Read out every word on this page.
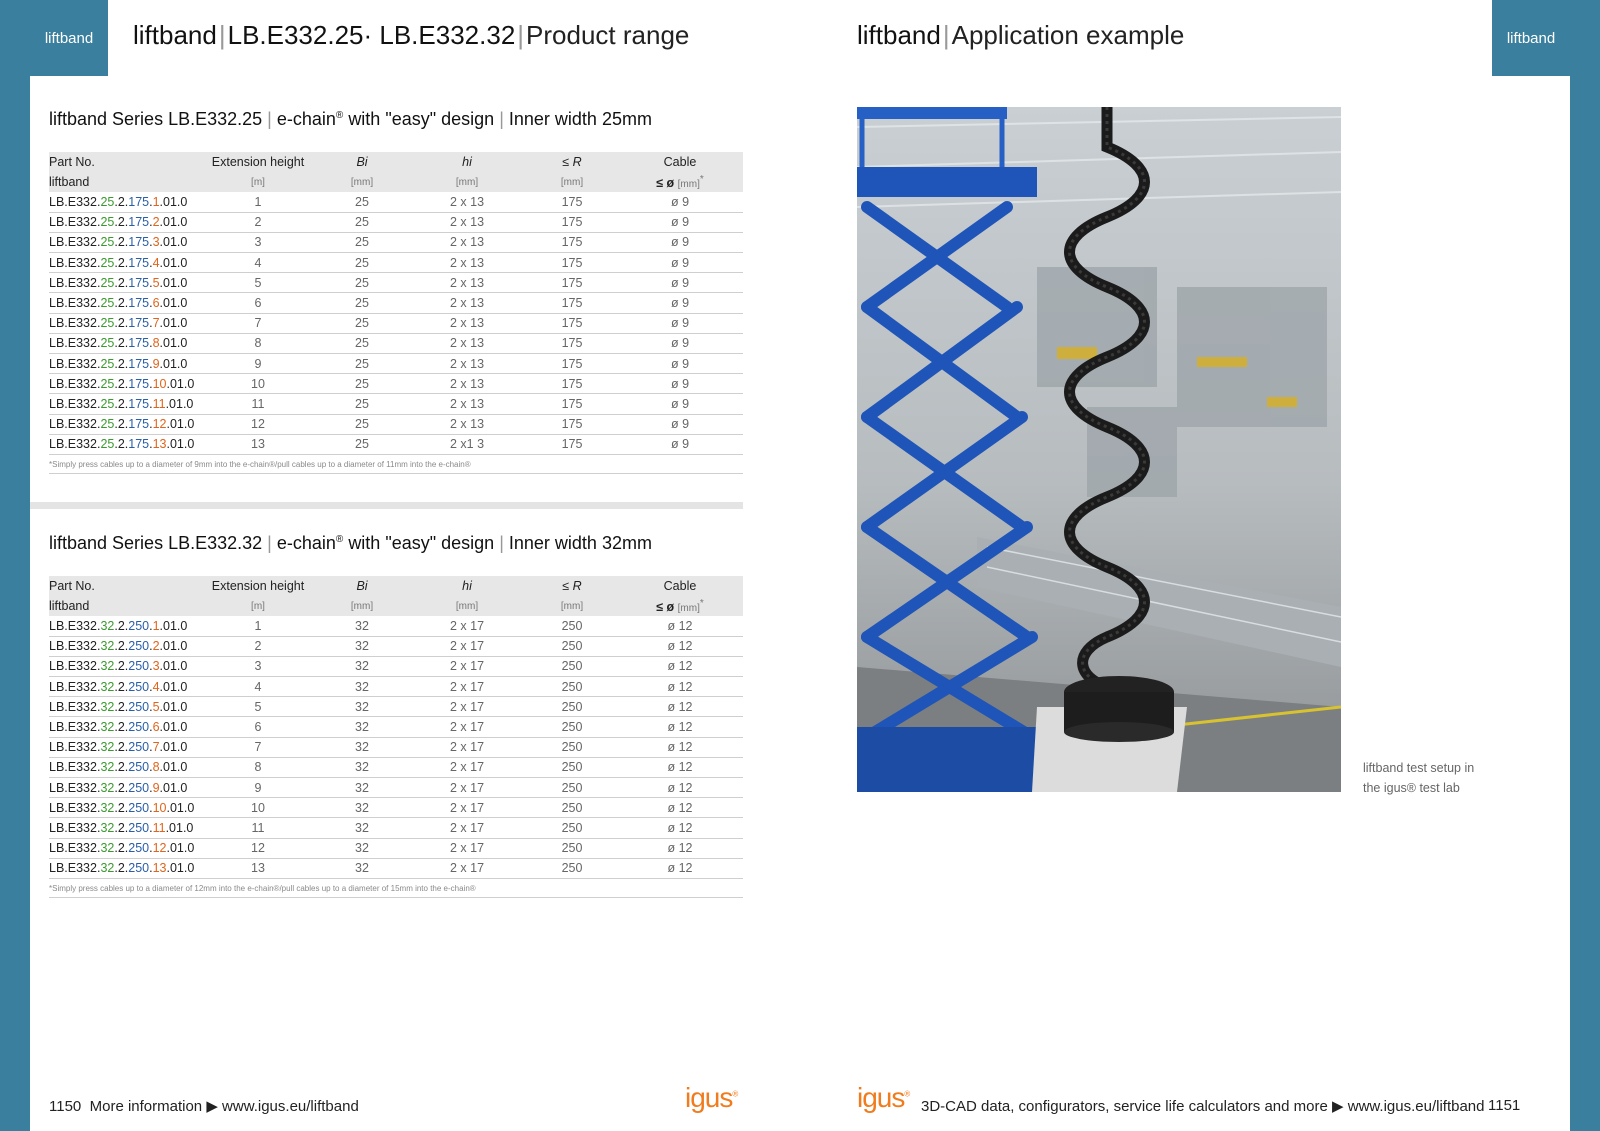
liftband	liftband|LB.E332.25· LB.E332.32|Product range
liftband Series LB.E332.25 | e-chain® with "easy" design | Inner width 25mm
Part No.	Extension height	Bi	hi	≤ R	Cable
liftband	[m]	[mm]	[mm]	[mm]	≤ ø [mm]*
LB.E332.25.2.175.1.01.0	1	25	2 x 13	175	ø 9
LB.E332.25.2.175.2.01.0	2	25	2 x 13	175	ø 9
LB.E332.25.2.175.3.01.0	3	25	2 x 13	175	ø 9
LB.E332.25.2.175.4.01.0	4	25	2 x 13	175	ø 9
LB.E332.25.2.175.5.01.0	5	25	2 x 13	175	ø 9
LB.E332.25.2.175.6.01.0	6	25	2 x 13	175	ø 9
LB.E332.25.2.175.7.01.0	7	25	2 x 13	175	ø 9
LB.E332.25.2.175.8.01.0	8	25	2 x 13	175	ø 9
LB.E332.25.2.175.9.01.0	9	25	2 x 13	175	ø 9
LB.E332.25.2.175.10.01.0	10	25	2 x 13	175	ø 9
LB.E332.25.2.175.11.01.0	11	25	2 x 13	175	ø 9
LB.E332.25.2.175.12.01.0	12	25	2 x 13	175	ø 9
LB.E332.25.2.175.13.01.0	13	25	2 x1 3	175	ø 9
*Simply press cables up to a diameter of 9mm into the e-chain®/pull cables up to a diameter of 11mm into the e-chain®
liftband Series LB.E332.32 | e-chain® with "easy" design | Inner width 32mm
Part No.	Extension height	Bi	hi	≤ R	Cable
liftband	[m]	[mm]	[mm]	[mm]	≤ ø [mm]*
LB.E332.32.2.250.1.01.0	1	32	2 x 17	250	ø 12
LB.E332.32.2.250.2.01.0	2	32	2 x 17	250	ø 12
LB.E332.32.2.250.3.01.0	3	32	2 x 17	250	ø 12
LB.E332.32.2.250.4.01.0	4	32	2 x 17	250	ø 12
LB.E332.32.2.250.5.01.0	5	32	2 x 17	250	ø 12
LB.E332.32.2.250.6.01.0	6	32	2 x 17	250	ø 12
LB.E332.32.2.250.7.01.0	7	32	2 x 17	250	ø 12
LB.E332.32.2.250.8.01.0	8	32	2 x 17	250	ø 12
LB.E332.32.2.250.9.01.0	9	32	2 x 17	250	ø 12
LB.E332.32.2.250.10.01.0	10	32	2 x 17	250	ø 12
LB.E332.32.2.250.11.01.0	11	32	2 x 17	250	ø 12
LB.E332.32.2.250.12.01.0	12	32	2 x 17	250	ø 12
LB.E332.32.2.250.13.01.0	13	32	2 x 17	250	ø 12
*Simply press cables up to a diameter of 12mm into the e-chain®/pull cables up to a diameter of 15mm into the e-chain®
1150 More information ▶ www.igus.eu/liftband	igus®
liftband
liftband|Application example
liftband test setup in
the igus® test lab
igus®
3D-CAD data, configurators, service life calculators and more ▶ www.igus.eu/liftband 1151
